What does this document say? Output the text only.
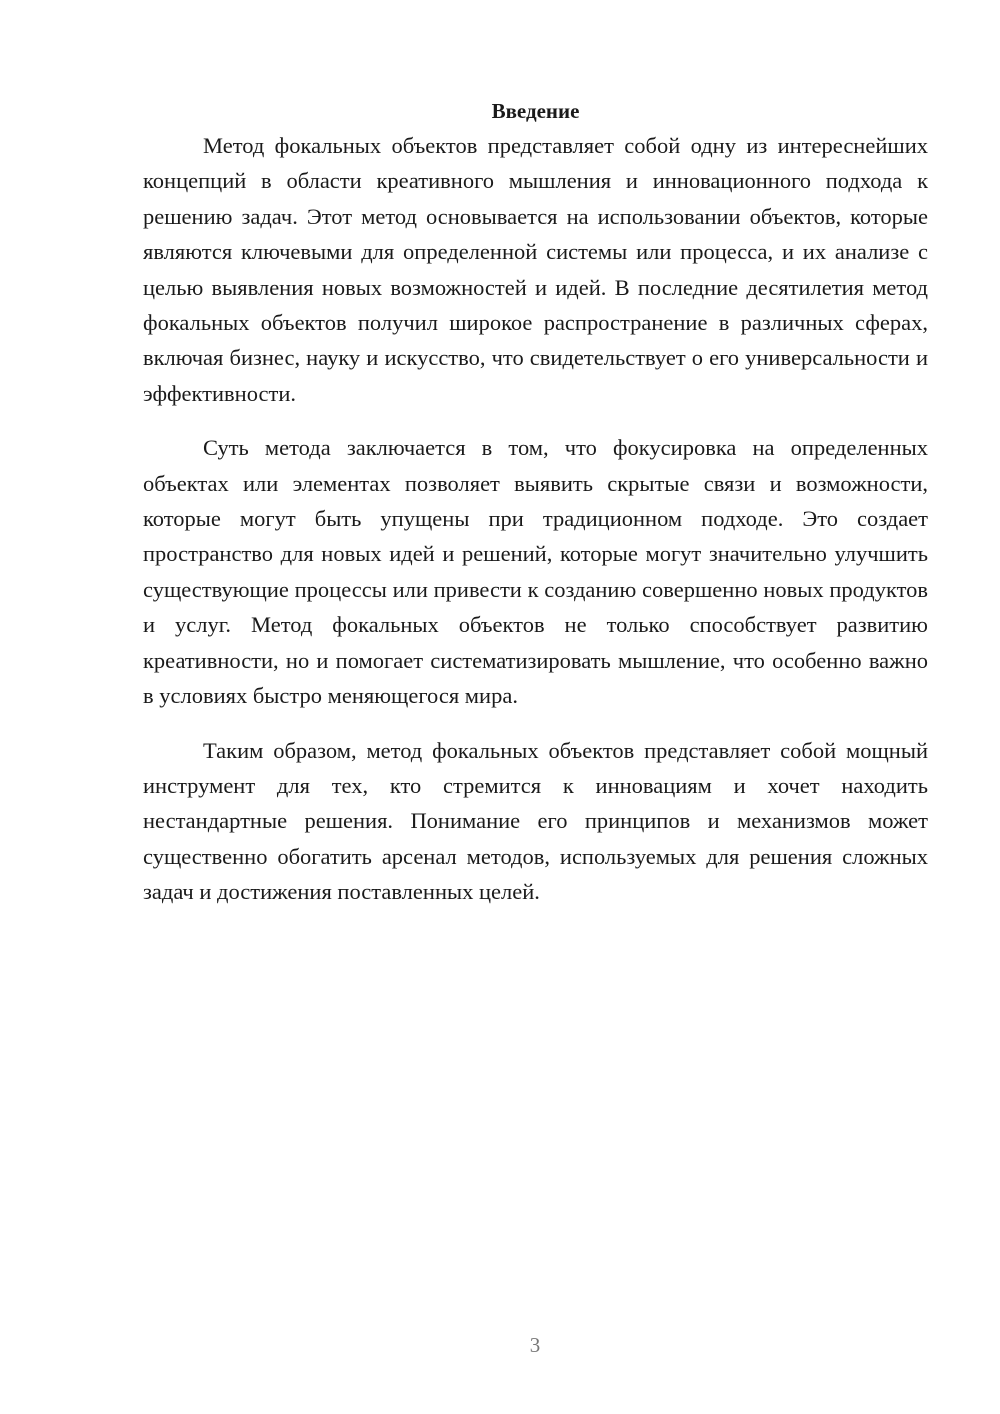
Введение

Метод фокальных объектов представляет собой одну из интереснейших концепций в области креативного мышления и инновационного подхода к решению задач. Этот метод основывается на использовании объектов, которые являются ключевыми для определенной системы или процесса, и их анализе с целью выявления новых возможностей и идей. В последние десятилетия метод фокальных объектов получил широкое распространение в различных сферах, включая бизнес, науку и искусство, что свидетельствует о его универсальности и эффективности.

Суть метода заключается в том, что фокусировка на определенных объектах или элементах позволяет выявить скрытые связи и возможности, которые могут быть упущены при традиционном подходе. Это создает пространство для новых идей и решений, которые могут значительно улучшить существующие процессы или привести к созданию совершенно новых продуктов и услуг. Метод фокальных объектов не только способствует развитию креативности, но и помогает систематизировать мышление, что особенно важно в условиях быстро меняющегося мира.

Таким образом, метод фокальных объектов представляет собой мощный инструмент для тех, кто стремится к инновациям и хочет находить нестандартные решения. Понимание его принципов и механизмов может существенно обогатить арсенал методов, используемых для решения сложных задач и достижения поставленных целей.

3
